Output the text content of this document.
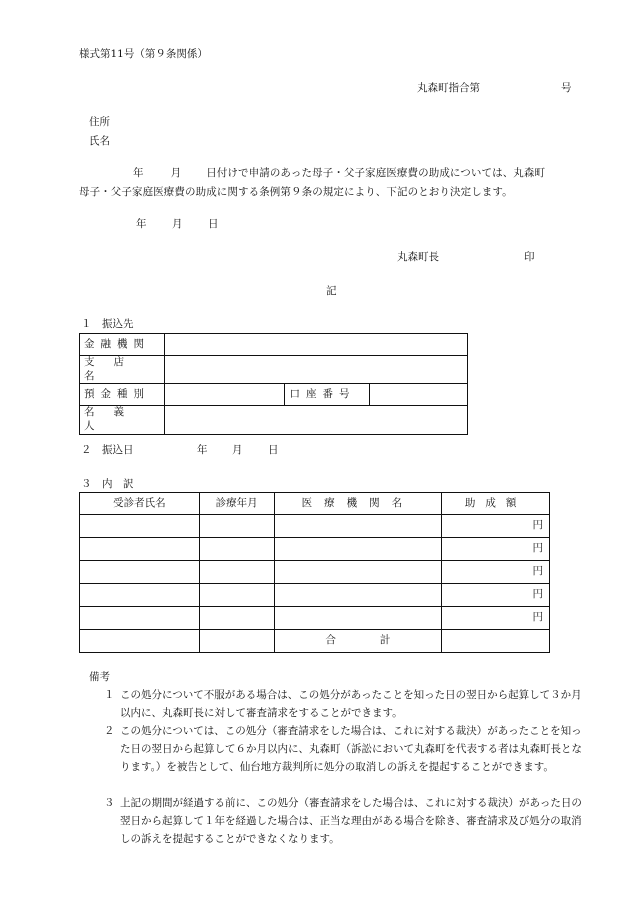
様式第11号（第９条関係）
丸森町指合第	号
住所
氏名
年	月 日付けで申請のあった母子・父子家庭医療費の助成については、丸森町
母子・父子家庭医療費の助成に関する条例第９条の規定により、下記のとおり決定します。
年 月 日
丸森町長	印
記
１　振込先
金融機関			
支店名			
預金種別		口座番号	
名義人			
２　振込日	年 月 日
３　内　訳
受診者氏名	診療年月	医療機関名	助成額
			円
			円
			円
			円
			円
		合 計	
備考
１ この処分について不服がある場合は、この処分があったことを知った日の翌日から起算して３か月以内に、丸森町長に対して審査請求をすることができます。
２ この処分については、この処分（審査請求をした場合は、これに対する裁決）があったことを知った日の翌日から起算して６か月以内に、丸森町（訴訟において丸森町を代表する者は丸森町長となります。）を被告として、仙台地方裁判所に処分の取消しの訴えを提起することができます。
３ 上記の期間が経過する前に、この処分（審査請求をした場合は、これに対する裁決）があった日の翌日から起算して１年を経過した場合は、正当な理由がある場合を除き、審査請求及び処分の取消しの訴えを提起することができなくなります。
